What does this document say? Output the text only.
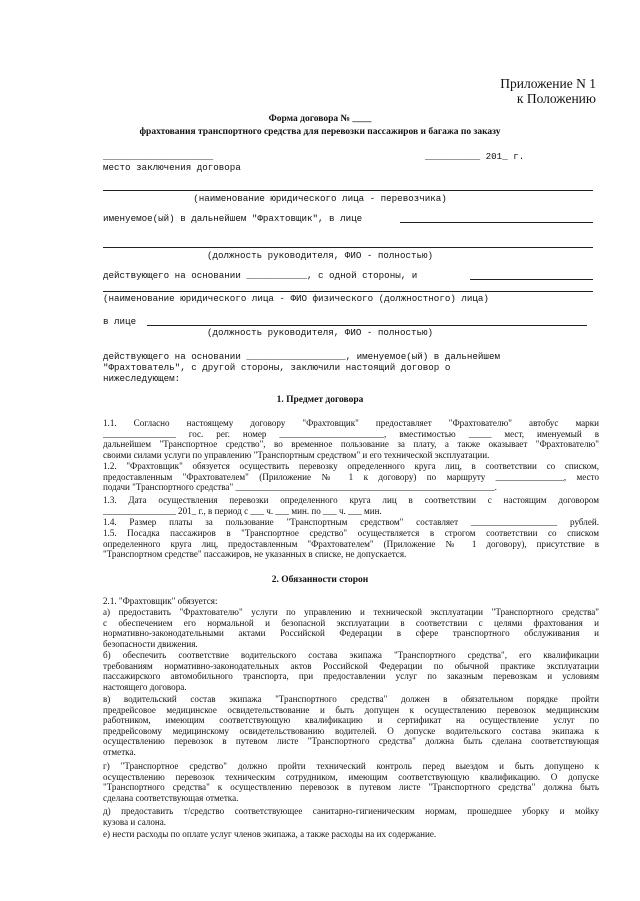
Приложение N 1
к Положению
Форма договора № ____
фрахтования транспортного средства для перевозки пассажиров и багажа по заказу
____________________	__________ 201_ г.
место заключения договора
(наименование юридического лица - перевозчика)
именуемое(ый) в дальнейшем "Фрахтовщик", в лице
(должность руководителя, ФИО - полностью)
действующего на основании ___________, с одной стороны, и
(наименование юридического лица - ФИО физического (должностного) лица)
в лице
(должность руководителя, ФИО - полностью)
действующего на основании __________________, именуемое(ый) в дальнейшем
"Фрахтователь", с другой стороны, заключили настоящий договор о
нижеследующем:
1. Предмет договора
1.1. Согласно настоящему договору "Фрахтовщик" предоставляет "Фрахтователю" автобус марки
________________ гос. рег. номер _______________________, вместимостью _____ мест, именуемый в
дальнейшем "Транспортное средство", во временное пользование за плату, а также оказывает "Фрахтователю"
своими силами услуги по управлению "Транспортным средством" и его технической эксплуатации.
1.2. "Фрахтовщик" обязуется осуществить перевозку определенного круга лиц, в соответствии со списком,
предоставленным "Фрахтователем" (Приложение № 1 к договору) по маршруту _______________, место
подачи "Транспортного средства" _________________________________________________________.
1.3. Дата осуществления перевозки определенного круга лиц в соответствии с настоящим договором
________________ 201_ г., в период с ___ ч. ___ мин. по ___ ч. ___ мин.
1.4. Размер платы за пользование "Транспортным средством" составляет ___________________ рублей.
1.5. Посадка пассажиров в "Транспортное средство" осуществляется в строгом соответствии со списком
определенного круга лиц, предоставленным "Фрахтователем" (Приложение № 1 договору), присутствие в
"Транспортном средстве" пассажиров, не указанных в списке, не допускается.
2. Обязанности сторон
2.1. "Фрахтовщик" обязуется:
а) предоставить "Фрахтователю" услуги по управлению и технической эксплуатации "Транспортного средства"
с обеспечением его нормальной и безопасной эксплуатации в соответствии с целями фрахтования и
нормативно-законодательными актами Российской Федерации в сфере транспортного обслуживания и
безопасности движения.
б) обеспечить соответствие водительского состава экипажа "Транспортного средства", его квалификации
требованиям нормативно-законодательных актов Российской Федерации по обычной практике эксплуатации
пассажирского автомобильного транспорта, при предоставлении услуг по заказным перевозкам и условиям
настоящего договора.
в) водительский состав экипажа "Транспортного средства" должен в обязательном порядке пройти
предрейсовое медицинское освидетельствование и быть допущен к осуществлению перевозок медицинским
работником, имеющим соответствующую квалификацию и сертификат на осуществление услуг по
предрейсовому медицинскому освидетельствованию водителей. О допуске водительского состава экипажа к
осуществлению перевозок в путевом листе "Транспортного средства" должна быть сделана соответствующая
отметка.
г) "Транспортное средство" должно пройти технический контроль перед выездом и быть допущено к
осуществлению перевозок техническим сотрудником, имеющим соответствующую квалификацию. О допуске
"Транспортного средства" к осуществлению перевозок в путевом листе "Транспортного средства" должна быть
сделана соответствующая отметка.
д) предоставить т/средство соответствующее санитарно-гигиеническим нормам, прошедшее уборку и мойку
кузова и салона.
е) нести расходы по оплате услуг членов экипажа, а также расходы на их содержание.
